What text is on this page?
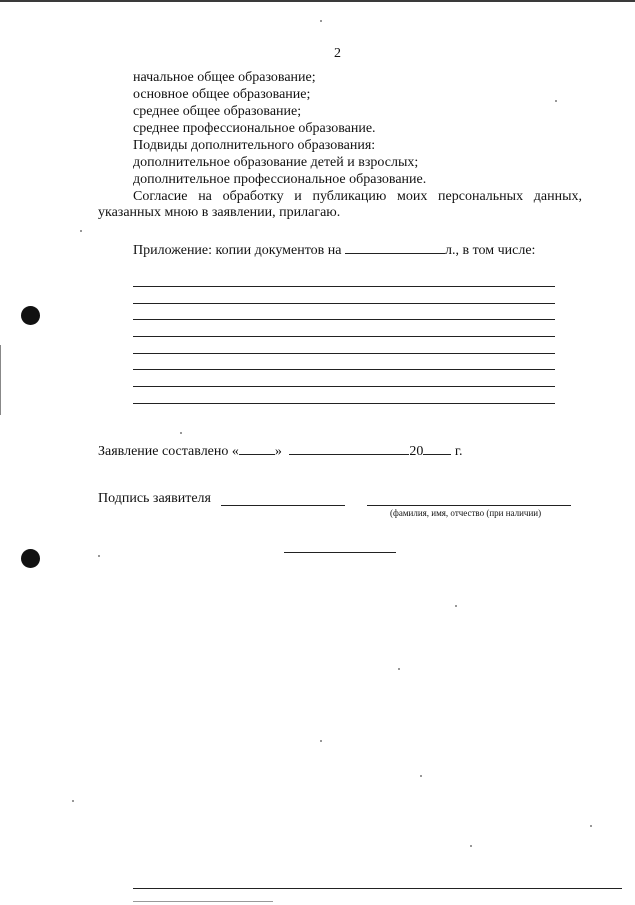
2
начальное общее образование;
основное общее образование;
среднее общее образование;
среднее профессиональное образование.
Подвиды дополнительного образования:
дополнительное образование детей и взрослых;
дополнительное профессиональное образование.
Согласие на обработку и публикацию моих персональных данных,
указанных мною в заявлении, прилагаю.
Приложение: копии документов на	л., в том числе:
Заявление составлено «	»	20 г.
Подпись заявителя
(фамилия, имя, отчество (при наличии)
